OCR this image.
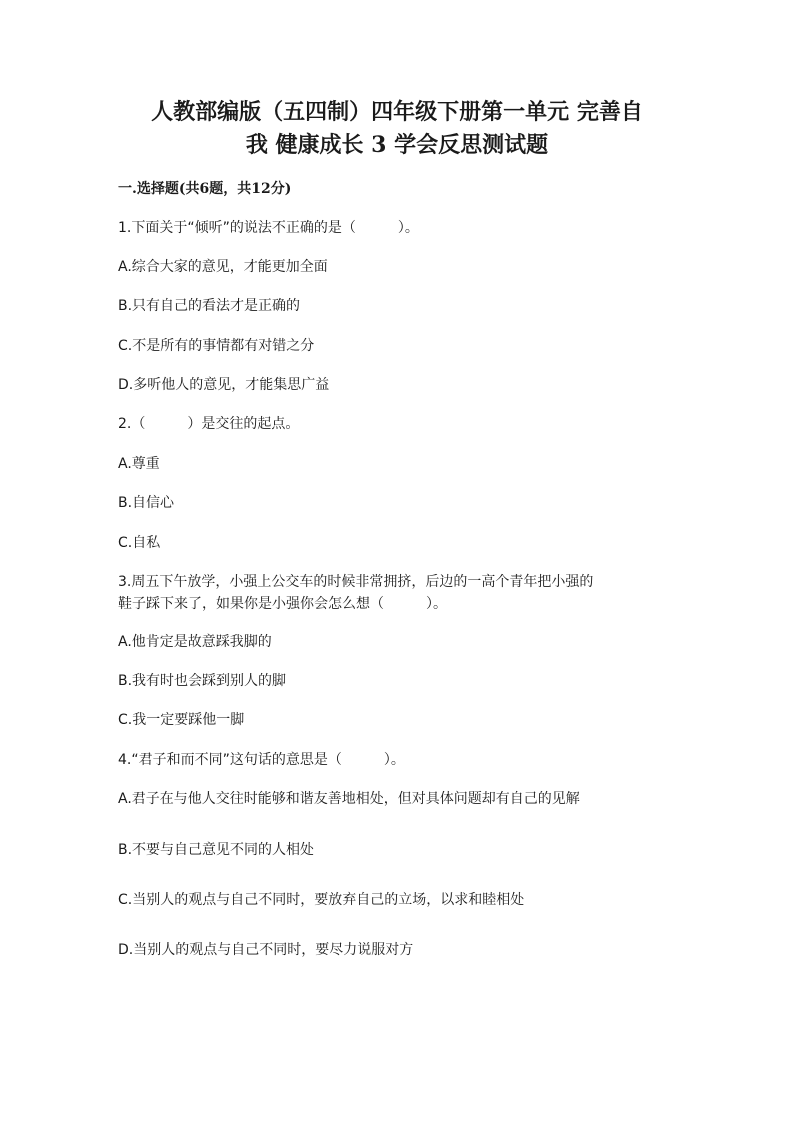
人教部编版（五四制）四年级下册第一单元 完善自
我 健康成长 3 学会反思测试题

一.选择题(共6题，共12分)

1.下面关于“倾听”的说法不正确的是（　　　）。

A.综合大家的意见，才能更加全面

B.只有自己的看法才是正确的

C.不是所有的事情都有对错之分

D.多听他人的意见，才能集思广益

2.（　　　）是交往的起点。

A.尊重

B.自信心

C.自私

3.周五下午放学，小强上公交车的时候非常拥挤，后边的一高个青年把小强的

鞋子踩下来了，如果你是小强你会怎么想（　　　）。

A.他肯定是故意踩我脚的

B.我有时也会踩到别人的脚

C.我一定要踩他一脚

4.“君子和而不同”这句话的意思是（　　　）。

A.君子在与他人交往时能够和谐友善地相处，但对具体问题却有自己的见解

B.不要与自己意见不同的人相处

C.当别人的观点与自己不同时，要放弃自己的立场，以求和睦相处

D.当别人的观点与自己不同时，要尽力说服对方
